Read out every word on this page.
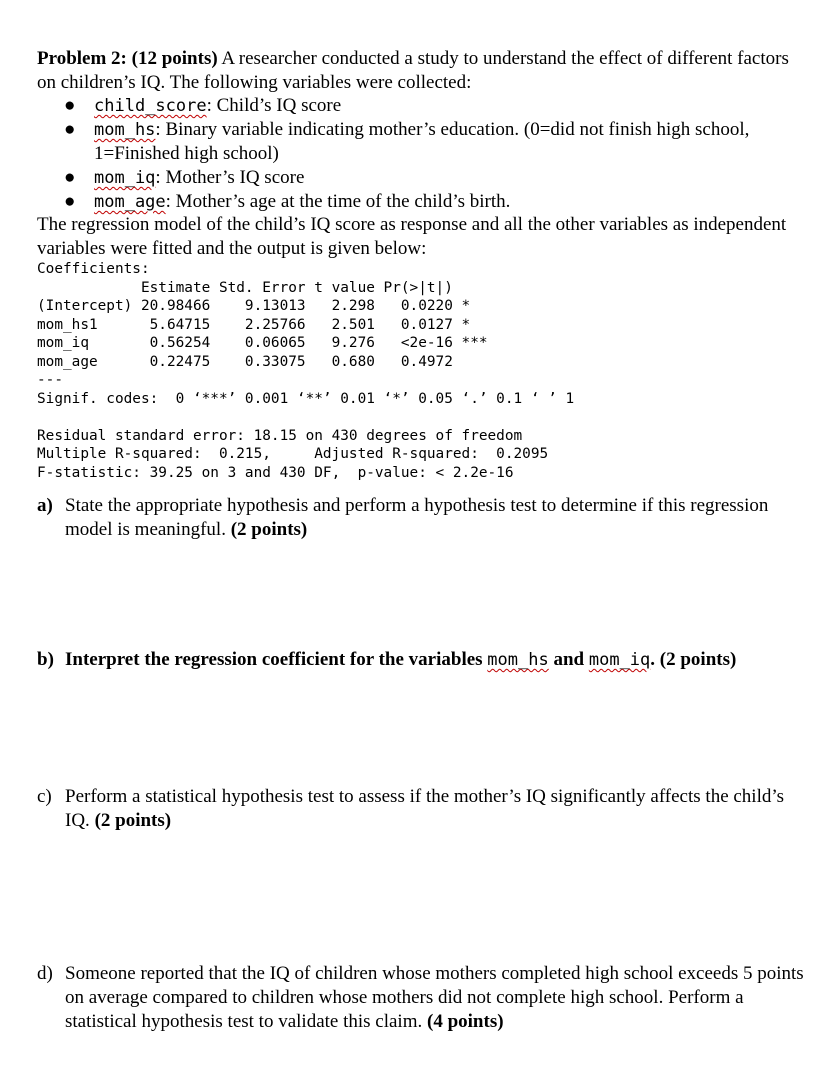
Problem 2: (12 points) A researcher conducted a study to understand the effect of different factors on children’s IQ. The following variables were collected:
● child_score: Child’s IQ score
● mom_hs: Binary variable indicating mother’s education. (0=did not finish high school, 1=Finished high school)
● mom_iq: Mother’s IQ score
● mom_age: Mother’s age at the time of the child’s birth.
The regression model of the child’s IQ score as response and all the other variables as independent variables were fitted and the output is given below:
Coefficients:
Estimate Std. Error t value Pr(>|t|)
(Intercept) 20.98466    9.13013   2.298   0.0220 *
mom_hs1      5.64715    2.25766   2.501   0.0127 *
mom_iq       0.56254    0.06065   9.276   <2e-16 ***
mom_age      0.22475    0.33075   0.680   0.4972
---
Signif. codes:  0 ‘***’ 0.001 ‘**’ 0.01 ‘*’ 0.05 ‘.’ 0.1 ‘ ’ 1

Residual standard error: 18.15 on 430 degrees of freedom
Multiple R-squared:  0.215,     Adjusted R-squared:  0.2095
F-statistic: 39.25 on 3 and 430 DF,  p-value: < 2.2e-16
a) State the appropriate hypothesis and perform a hypothesis test to determine if this regression model is meaningful. (2 points)
b) Interpret the regression coefficient for the variables mom_hs and mom_iq. (2 points)
c) Perform a statistical hypothesis test to assess if the mother’s IQ significantly affects the child’s IQ. (2 points)
d) Someone reported that the IQ of children whose mothers completed high school exceeds 5 points on average compared to children whose mothers did not complete high school. Perform a statistical hypothesis test to validate this claim. (4 points)
